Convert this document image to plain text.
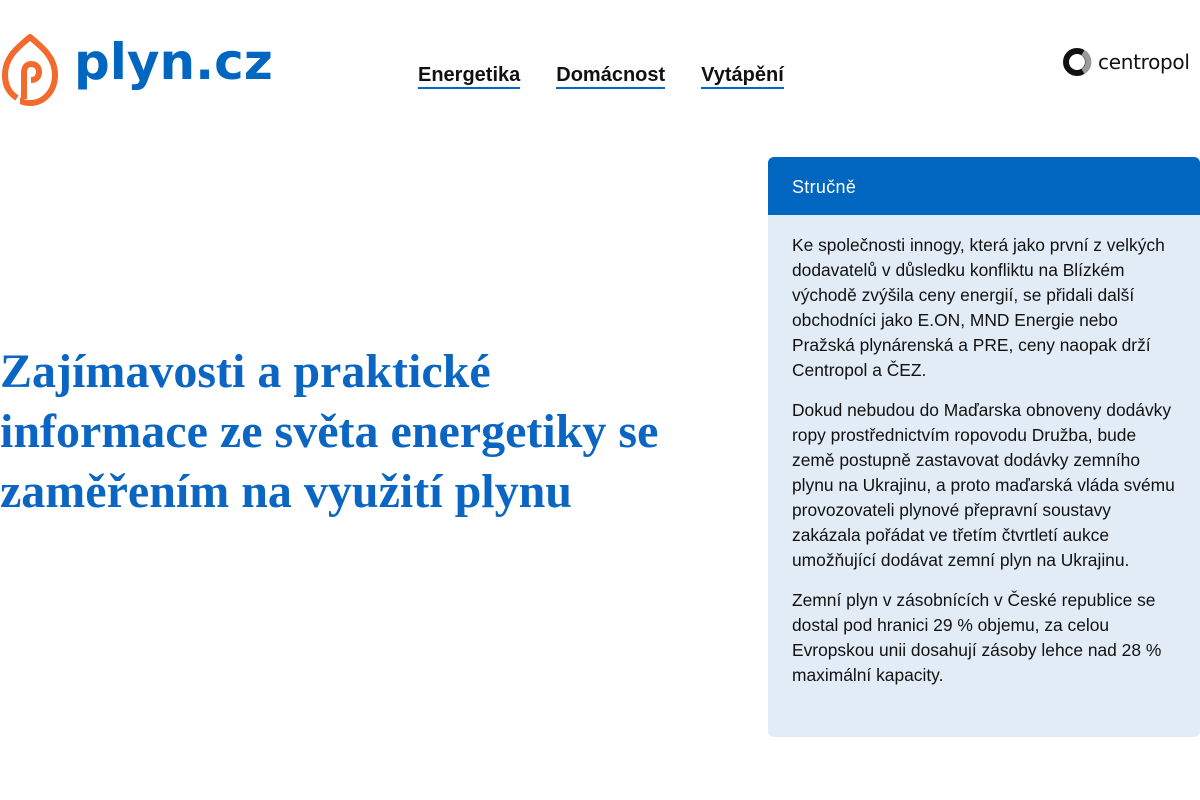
plyn.cz	Energetika Domácnost Vytápění
centropol
Zajímavosti a praktické informace ze světa energetiky se zaměřením na využití plynu
Stručně

Ke společnosti innogy, která jako první z velkých dodavatelů v důsledku konfliktu na Blízkém východě zvýšila ceny energií, se přidali další obchodníci jako E.ON, MND Energie nebo Pražská plynárenská a PRE, ceny naopak drží Centropol a ČEZ.

Dokud nebudou do Maďarska obnoveny dodávky ropy prostřednictvím ropovodu Družba, bude země postupně zastavovat dodávky zemního plynu na Ukrajinu, a proto maďarská vláda svému provozovateli plynové přepravní soustavy zakázala pořádat ve třetím čtvrtletí aukce umožňující dodávat zemní plyn na Ukrajinu.

Zemní plyn v zásobnících v České republice se dostal pod hranici 29 % objemu, za celou Evropskou unii dosahují zásoby lehce nad 28 % maximální kapacity.
